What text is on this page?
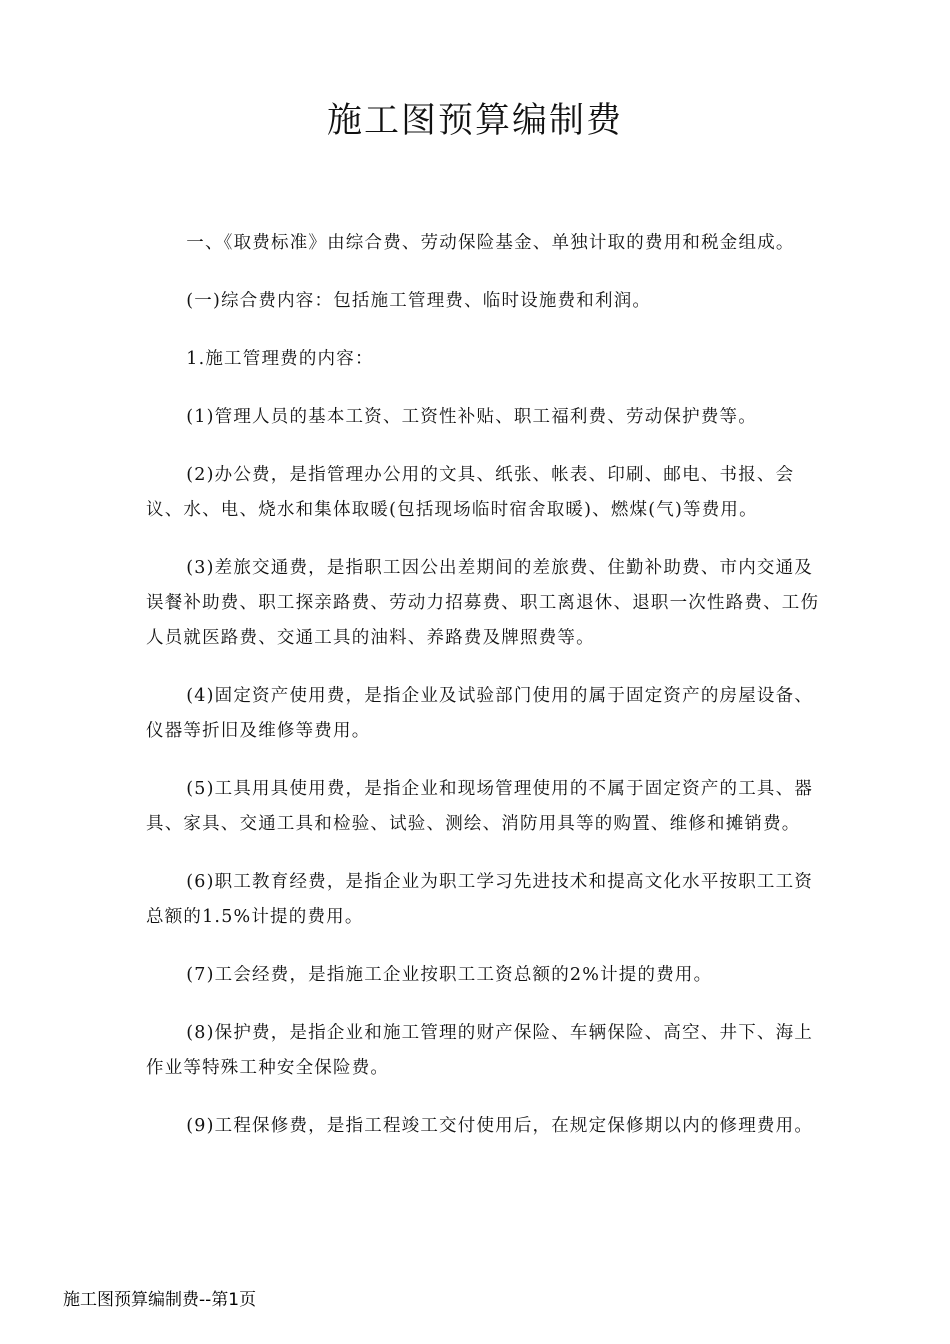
施工图预算编制费

一、《取费标准》由综合费、劳动保险基金、单独计取的费用和税金组成。

(一)综合费内容：包括施工管理费、临时设施费和利润。

1.施工管理费的内容：

(1)管理人员的基本工资、工资性补贴、职工福利费、劳动保护费等。

(2)办公费，是指管理办公用的文具、纸张、帐表、印刷、邮电、书报、会议、水、电、烧水和集体取暖(包括现场临时宿舍取暖)、燃煤(气)等费用。

(3)差旅交通费，是指职工因公出差期间的差旅费、住勤补助费、市内交通及误餐补助费、职工探亲路费、劳动力招募费、职工离退休、退职一次性路费、工伤人员就医路费、交通工具的油料、养路费及牌照费等。

(4)固定资产使用费，是指企业及试验部门使用的属于固定资产的房屋设备、仪器等折旧及维修等费用。

(5)工具用具使用费，是指企业和现场管理使用的不属于固定资产的工具、器具、家具、交通工具和检验、试验、测绘、消防用具等的购置、维修和摊销费。

(6)职工教育经费，是指企业为职工学习先进技术和提高文化水平按职工工资总额的1.5%计提的费用。

(7)工会经费，是指施工企业按职工工资总额的2%计提的费用。

(8)保护费，是指企业和施工管理的财产保险、车辆保险、高空、井下、海上作业等特殊工种安全保险费。

(9)工程保修费，是指工程竣工交付使用后，在规定保修期以内的修理费用。

施工图预算编制费--第1页
